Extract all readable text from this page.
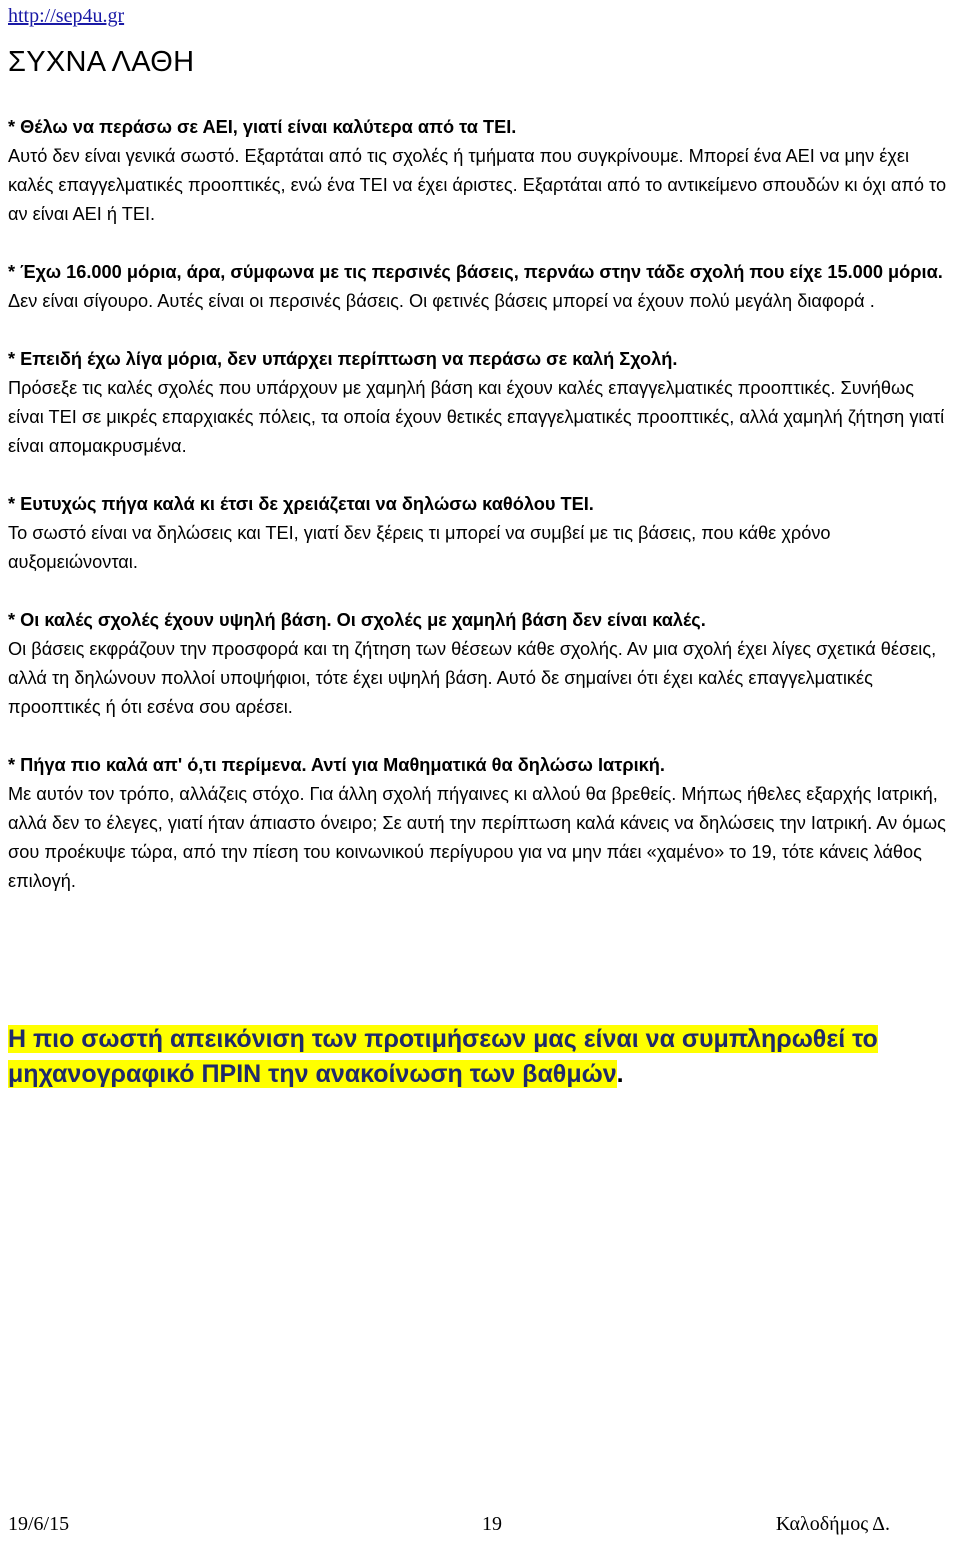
http://sep4u.gr
ΣΥΧΝΑ ΛΑΘΗ

* Θέλω να περάσω σε ΑΕΙ, γιατί είναι καλύτερα από τα ΤΕΙ.
Αυτό δεν είναι γενικά σωστό. Εξαρτάται από τις σχολές ή τμήματα που συγκρίνουμε. Μπορεί ένα ΑΕΙ να μην έχει καλές επαγγελματικές προοπτικές, ενώ ένα ΤΕΙ να έχει άριστες. Εξαρτάται από το αντικείμενο σπουδών κι όχι από το αν είναι ΑΕΙ ή ΤΕΙ.

* Έχω 16.000 μόρια, άρα, σύμφωνα με τις περσινές βάσεις, περνάω στην τάδε σχολή που είχε 15.000 μόρια.
Δεν είναι σίγουρο. Αυτές είναι οι περσινές βάσεις. Οι φετινές βάσεις μπορεί να έχουν πολύ μεγάλη διαφορά .

* Επειδή έχω λίγα μόρια, δεν υπάρχει περίπτωση να περάσω σε καλή Σχολή.
Πρόσεξε τις καλές σχολές που υπάρχουν με χαμηλή βάση και έχουν καλές επαγγελματικές προοπτικές. Συνήθως είναι ΤΕΙ σε μικρές επαρχιακές πόλεις, τα οποία έχουν θετικές επαγγελματικές προοπτικές, αλλά χαμηλή ζήτηση γιατί είναι απομακρυσμένα.

* Ευτυχώς πήγα καλά κι έτσι δε χρειάζεται να δηλώσω καθόλου ΤΕΙ.
Το σωστό είναι να δηλώσεις και ΤΕΙ, γιατί δεν ξέρεις τι μπορεί να συμβεί με τις βάσεις, που κάθε χρόνο αυξομειώνονται.

* Οι καλές σχολές έχουν υψηλή βάση. Οι σχολές με χαμηλή βάση δεν είναι καλές.
Οι βάσεις εκφράζουν την προσφορά και τη ζήτηση των θέσεων κάθε σχολής. Αν μια σχολή έχει λίγες σχετικά θέσεις, αλλά τη δηλώνουν πολλοί υποψήφιοι, τότε έχει υψηλή βάση. Αυτό δε σημαίνει ότι έχει καλές επαγγελματικές προοπτικές ή ότι εσένα σου αρέσει.

* Πήγα πιο καλά απ' ό,τι περίμενα. Αντί για Μαθηματικά θα δηλώσω Ιατρική.
Με αυτόν τον τρόπο, αλλάζεις στόχο. Για άλλη σχολή πήγαινες κι αλλού θα βρεθείς. Μήπως ήθελες εξαρχής Ιατρική, αλλά δεν το έλεγες, γιατί ήταν άπιαστο όνειρο; Σε αυτή την περίπτωση καλά κάνεις να δηλώσεις την Ιατρική. Αν όμως σου προέκυψε τώρα, από την πίεση του κοινωνικού περίγυρου για να μην πάει «χαμένο» το 19, τότε κάνεις λάθος επιλογή.

Η πιο σωστή απεικόνιση των προτιμήσεων μας είναι να συμπληρωθεί το μηχανογραφικό ΠΡΙΝ την ανακοίνωση των βαθμών.
19/6/15	19	Καλοδήμος Δ.
